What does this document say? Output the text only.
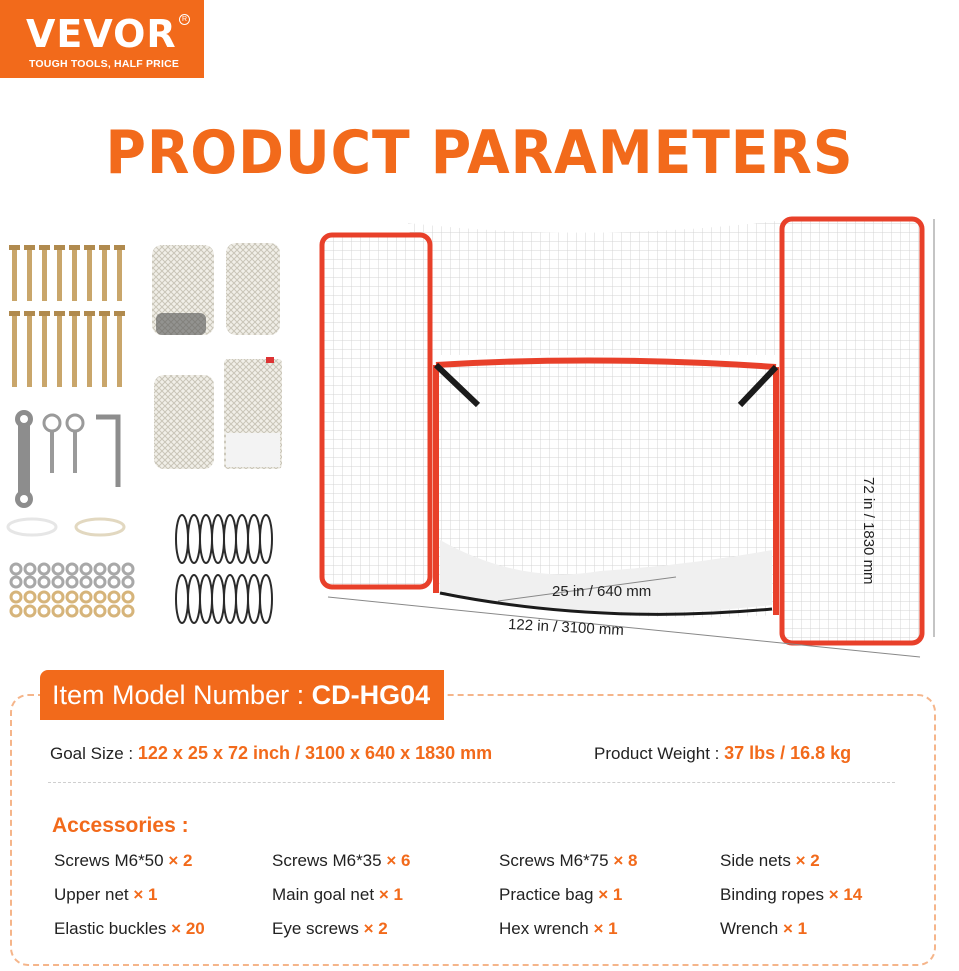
VEVOR R
TOUGH TOOLS, HALF PRICE
PRODUCT PARAMETERS
25 in / 640 mm
122 in / 3100 mm
72 in / 1830 mm
Item Model Number : CD-HG04
Goal Size : 122 x 25 x 72 inch / 3100 x 640 x 1830 mm	Product Weight : 37 lbs / 16.8 kg
Accessories :
Screws M6*50 × 2	Screws M6*35 × 6	Screws M6*75 × 8	Side nets × 2
Upper net × 1	Main goal net × 1	Practice bag × 1	Binding ropes × 14
Elastic buckles × 20	Eye screws × 2	Hex wrench × 1	Wrench × 1
